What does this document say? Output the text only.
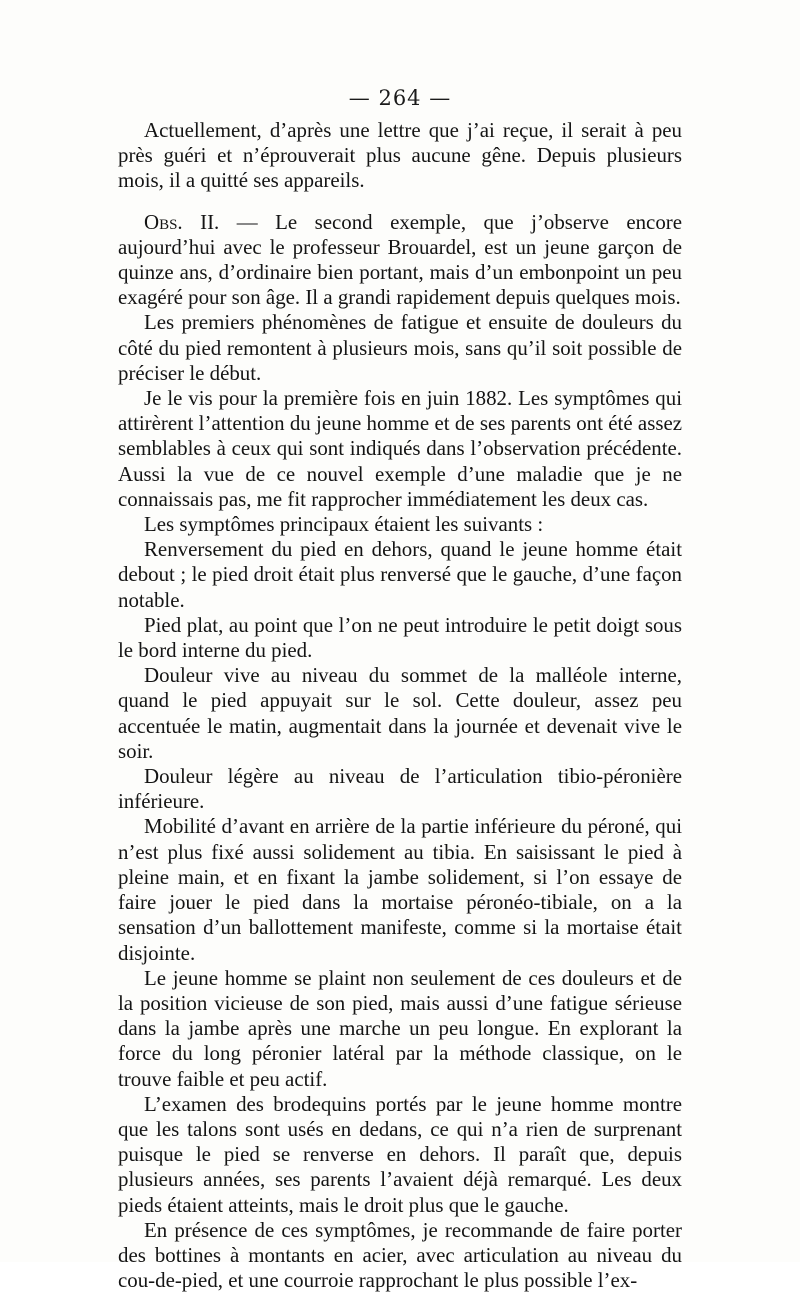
— 264 —

Actuellement, d’après une lettre que j’ai reçue, il serait à peu près guéri et n’éprouverait plus aucune gêne. Depuis plusieurs mois, il a quitté ses appareils.

Obs. II. — Le second exemple, que j’observe encore aujourd’hui avec le professeur Brouardel, est un jeune garçon de quinze ans, d’ordinaire bien portant, mais d’un embonpoint un peu exagéré pour son âge. Il a grandi rapidement depuis quelques mois.

Les premiers phénomènes de fatigue et ensuite de douleurs du côté du pied remontent à plusieurs mois, sans qu’il soit possible de préciser le début.

Je le vis pour la première fois en juin 1882. Les symptômes qui attirèrent l’attention du jeune homme et de ses parents ont été assez semblables à ceux qui sont indiqués dans l’observation précédente. Aussi la vue de ce nouvel exemple d’une maladie que je ne connaissais pas, me fit rapprocher immédiatement les deux cas.

Les symptômes principaux étaient les suivants :

Renversement du pied en dehors, quand le jeune homme était debout ; le pied droit était plus renversé que le gauche, d’une façon notable.

Pied plat, au point que l’on ne peut introduire le petit doigt sous le bord interne du pied.

Douleur vive au niveau du sommet de la malléole interne, quand le pied appuyait sur le sol. Cette douleur, assez peu accentuée le matin, augmentait dans la journée et devenait vive le soir.

Douleur légère au niveau de l’articulation tibio-péronière inférieure.

Mobilité d’avant en arrière de la partie inférieure du péroné, qui n’est plus fixé aussi solidement au tibia. En saisissant le pied à pleine main, et en fixant la jambe solidement, si l’on essaye de faire jouer le pied dans la mortaise péronéo-tibiale, on a la sensation d’un ballottement manifeste, comme si la mortaise était disjointe.

Le jeune homme se plaint non seulement de ces douleurs et de la position vicieuse de son pied, mais aussi d’une fatigue sérieuse dans la jambe après une marche un peu longue. En explorant la force du long péronier latéral par la méthode classique, on le trouve faible et peu actif.

L’examen des brodequins portés par le jeune homme montre que les talons sont usés en dedans, ce qui n’a rien de surprenant puisque le pied se renverse en dehors. Il paraît que, depuis plusieurs années, ses parents l’avaient déjà remarqué. Les deux pieds étaient atteints, mais le droit plus que le gauche.

En présence de ces symptômes, je recommande de faire porter des bottines à montants en acier, avec articulation au niveau du cou-de-pied, et une courroie rapprochant le plus possible l’ex-
